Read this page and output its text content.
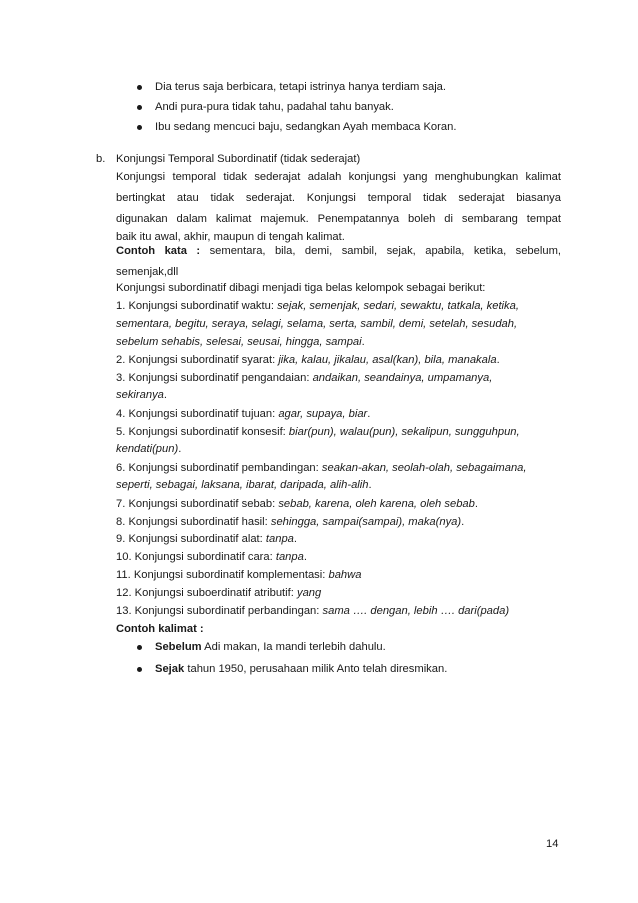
Dia terus saja berbicara, tetapi istrinya hanya terdiam saja.
Andi pura-pura tidak tahu, padahal tahu banyak.
Ibu sedang mencuci baju, sedangkan Ayah membaca Koran.
b. Konjungsi Temporal Subordinatif (tidak sederajat)
Konjungsi temporal tidak sederajat adalah konjungsi yang menghubungkan kalimat
bertingkat atau tidak sederajat. Konjungsi temporal tidak sederajat biasanya
digunakan dalam kalimat majemuk. Penempatannya boleh di sembarang tempat
baik itu awal, akhir, maupun di tengah kalimat.
Contoh kata : sementara, bila, demi, sambil, sejak, apabila, ketika, sebelum,
semenjak,dll
Konjungsi subordinatif dibagi menjadi tiga belas kelompok sebagai berikut:
1. Konjungsi subordinatif waktu: sejak, semenjak, sedari, sewaktu, tatkala, ketika,
sementara, begitu, seraya, selagi, selama, serta, sambil, demi, setelah, sesudah,
sebelum sehabis, selesai, seusai, hingga, sampai.
2. Konjungsi subordinatif syarat: jika, kalau, jikalau, asal(kan), bila, manakala.
3. Konjungsi subordinatif pengandaian: andaikan, seandainya, umpamanya,
sekiranya.
4. Konjungsi subordinatif tujuan: agar, supaya, biar.
5. Konjungsi subordinatif konsesif: biar(pun), walau(pun), sekalipun, sungguhpun,
kendati(pun).
6. Konjungsi subordinatif pembandingan: seakan-akan, seolah-olah, sebagaimana,
seperti, sebagai, laksana, ibarat, daripada, alih-alih.
7. Konjungsi subordinatif sebab: sebab, karena, oleh karena, oleh sebab.
8. Konjungsi subordinatif hasil: sehingga, sampai(sampai), maka(nya).
9. Konjungsi subordinatif alat: tanpa.
10. Konjungsi subordinatif cara: tanpa.
11. Konjungsi subordinatif komplementasi: bahwa
12. Konjungsi suboerdinatif atributif: yang
13. Konjungsi subordinatif perbandingan: sama …. dengan, lebih …. dari(pada)
Contoh kalimat :
Sebelum Adi makan, Ia mandi terlebih dahulu.
Sejak tahun 1950, perusahaan milik Anto telah diresmikan.
14
